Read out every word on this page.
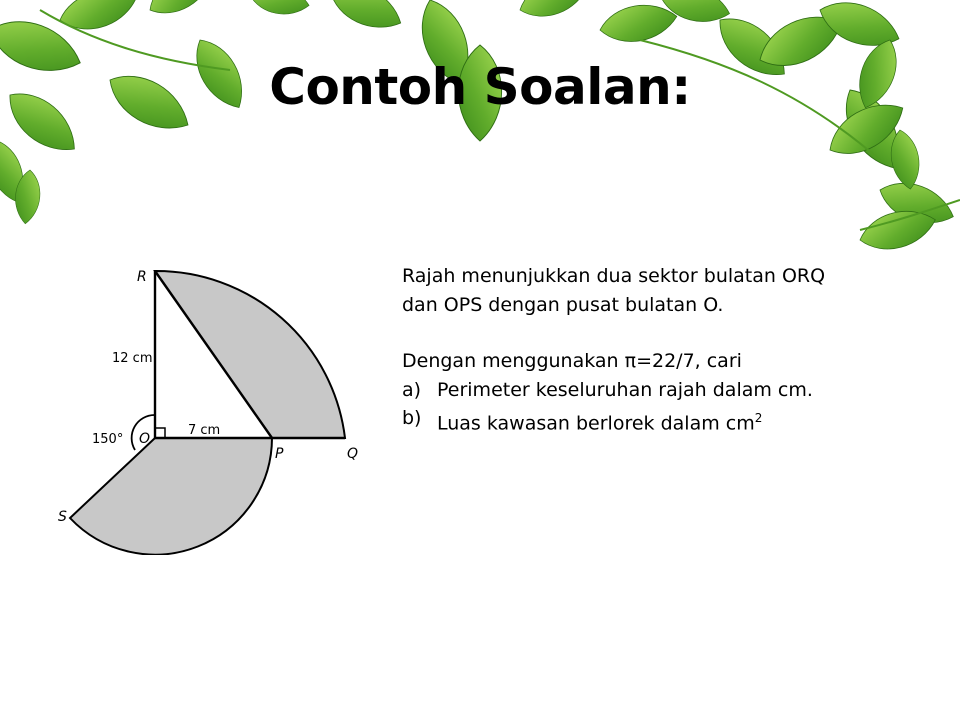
Contoh Soalan:
R
12 cm
150° O
7 cm
P	Q
S

Rajah menunjukkan dua sektor bulatan ORQ

dan OPS dengan pusat bulatan O.

Dengan menggunakan π=22/7, cari

a) Perimeter keseluruhan rajah dalam cm.
b) Luas kawasan berlorek dalam $cm^2$
